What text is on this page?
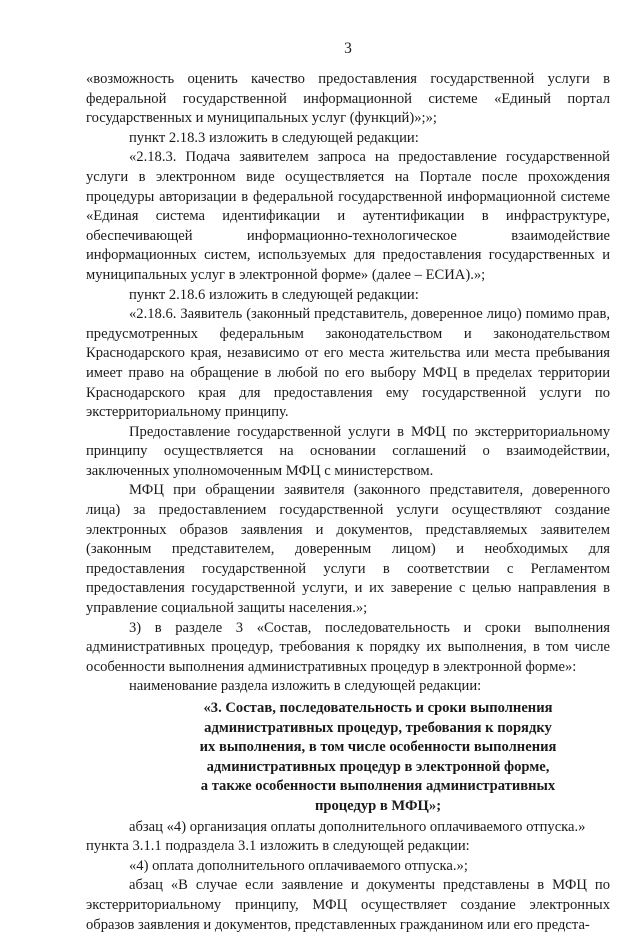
3

«возможность оценить качество предоставления государственной услуги в федеральной государственной информационной системе «Единый портал государственных и муниципальных услуг (функций)»;»;

пункт 2.18.3 изложить в следующей редакции:

«2.18.3. Подача заявителем запроса на предоставление государственной услуги в электронном виде осуществляется на Портале после прохождения процедуры авторизации в федеральной государственной информационной системе «Единая система идентификации и аутентификации в инфраструктуре, обеспечивающей информационно-технологическое взаимодействие информационных систем, используемых для предоставления государственных и муниципальных услуг в электронной форме» (далее – ЕСИА).»;

пункт 2.18.6 изложить в следующей редакции:

«2.18.6. Заявитель (законный представитель, доверенное лицо) помимо прав, предусмотренных федеральным законодательством и законодательством Краснодарского края, независимо от его места жительства или места пребывания имеет право на обращение в любой по его выбору МФЦ в пределах территории Краснодарского края для предоставления ему государственной услуги по экстерриториальному принципу.

Предоставление государственной услуги в МФЦ по экстерриториальному принципу осуществляется на основании соглашений о взаимодействии, заключенных уполномоченным МФЦ с министерством.

МФЦ при обращении заявителя (законного представителя, доверенного лица) за предоставлением государственной услуги осуществляют создание электронных образов заявления и документов, представляемых заявителем (законным представителем, доверенным лицом) и необходимых для предоставления государственной услуги в соответствии с Регламентом предоставления государственной услуги, и их заверение с целью направления в управление социальной защиты населения.»;

3) в разделе 3 «Состав, последовательность и сроки выполнения административных процедур, требования к порядку их выполнения, в том числе особенности выполнения административных процедур в электронной форме»:

наименование раздела изложить в следующей редакции:

«3. Состав, последовательность и сроки выполнения
административных процедур, требования к порядку
их выполнения, в том числе особенности выполнения
административных процедур в электронной форме,
а также особенности выполнения административных
процедур в МФЦ»;

абзац «4) организация оплаты дополнительного оплачиваемого отпуска.»

пункта 3.1.1 подраздела 3.1 изложить в следующей редакции:

«4) оплата дополнительного оплачиваемого отпуска.»;

абзац «В случае если заявление и документы представлены в МФЦ по экстерриториальному принципу, МФЦ осуществляет создание электронных образов заявления и документов, представленных гражданином или его предста-
